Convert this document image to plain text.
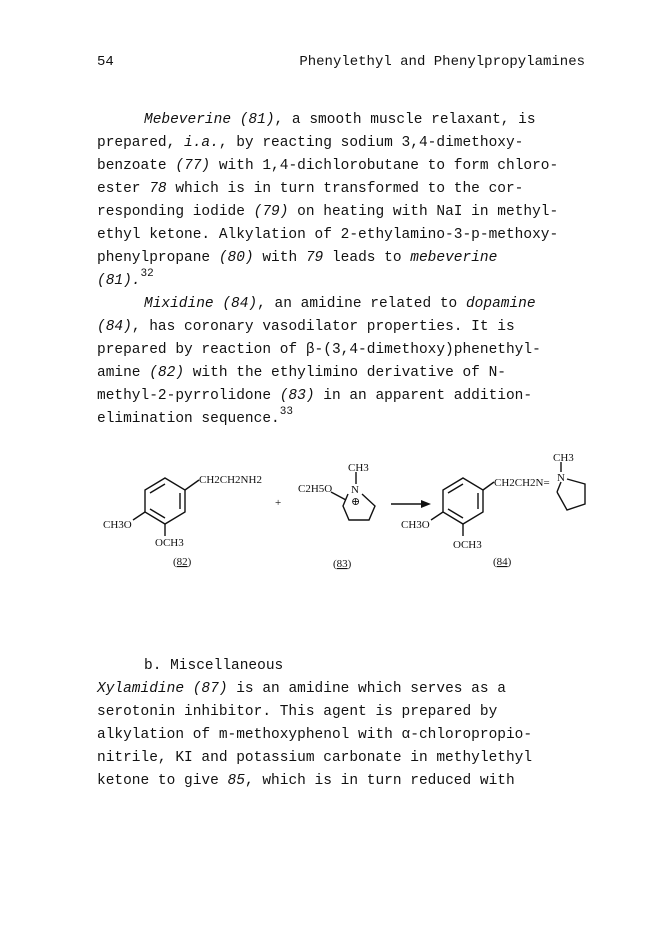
54	Phenylethyl and Phenylpropylamines

Mebeverine (81), a smooth muscle relaxant, is

prepared, i.a., by reacting sodium 3,4-dimethoxy-

benzoate (77) with 1,4-dichlorobutane to form chloro-

ester 78 which is in turn transformed to the cor-

responding iodide (79) on heating with NaI in methyl-

ethyl ketone. Alkylation of 2-ethylamino-3-p-methoxy-

phenylpropane (80) with 79 leads to mebeverine

(81).$^{32}$

Mixidine (84), an amidine related to dopamine

(84), has coronary vasodilator properties. It is

prepared by reaction of β-(3,4-dimethoxy)phenethyl-

amine (82) with the ethylimino derivative of N-

methyl-2-pyrrolidone (83) in an apparent addition-

elimination sequence.$^{33}$

CH2CH2NH2
CH3O
OCH3
+
CH3
N
⊕
C2H5O
CH3
N
CH2CH2N=
CH3O
OCH3
(82)	(83)	(84)

b. Miscellaneous

Xylamidine (87) is an amidine which serves as a

serotonin inhibitor. This agent is prepared by

alkylation of m-methoxyphenol with α-chloropropio-

nitrile, KI and potassium carbonate in methylethyl

ketone to give 85, which is in turn reduced with
